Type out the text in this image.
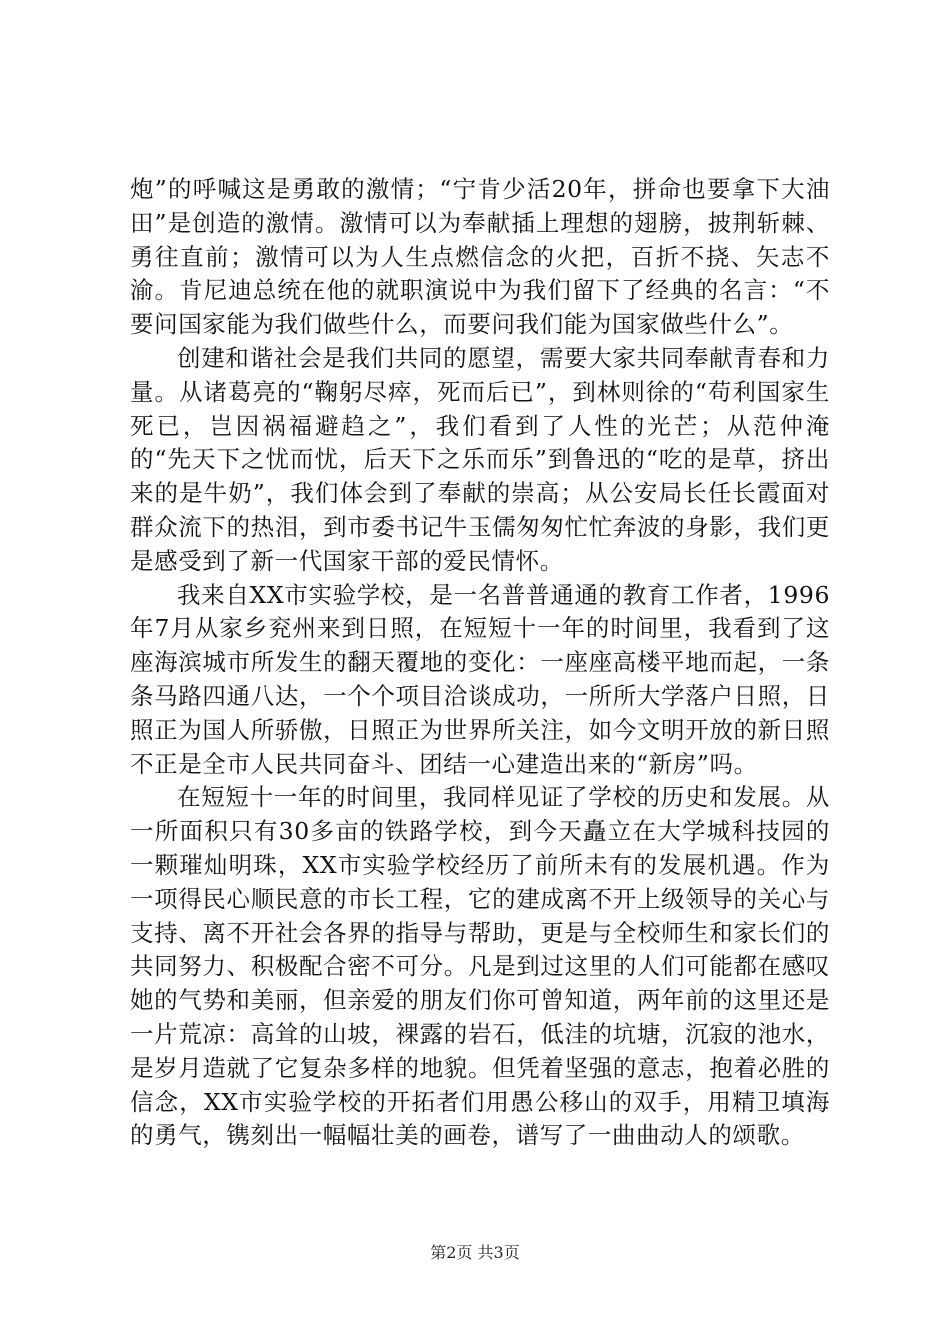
炮”的呼喊这是勇敢的激情；“宁肯少活20年，拼命也要拿下大油田”是创造的激情。激情可以为奉献插上理想的翅膀，披荆斩棘、勇往直前；激情可以为人生点燃信念的火把，百折不挠、矢志不渝。肯尼迪总统在他的就职演说中为我们留下了经典的名言：“不要问国家能为我们做些什么，而要问我们能为国家做些什么”。

创建和谐社会是我们共同的愿望，需要大家共同奉献青春和力量。从诸葛亮的“鞠躬尽瘁，死而后已”，到林则徐的“苟利国家生死已，岂因祸福避趋之”，我们看到了人性的光芒；从范仲淹的“先天下之忧而忧，后天下之乐而乐”到鲁迅的“吃的是草，挤出来的是牛奶”，我们体会到了奉献的崇高；从公安局长任长霞面对群众流下的热泪，到市委书记牛玉儒匆匆忙忙奔波的身影，我们更是感受到了新一代国家干部的爱民情怀。

我来自XX市实验学校，是一名普普通通的教育工作者，1996年7月从家乡兖州来到日照，在短短十一年的时间里，我看到了这座海滨城市所发生的翻天覆地的变化：一座座高楼平地而起，一条条马路四通八达，一个个项目洽谈成功，一所所大学落户日照，日照正为国人所骄傲，日照正为世界所关注，如今文明开放的新日照不正是全市人民共同奋斗、团结一心建造出来的“新房”吗。

在短短十一年的时间里，我同样见证了学校的历史和发展。从一所面积只有30多亩的铁路学校，到今天矗立在大学城科技园的一颗璀灿明珠，XX市实验学校经历了前所未有的发展机遇。作为一项得民心顺民意的市长工程，它的建成离不开上级领导的关心与支持、离不开社会各界的指导与帮助，更是与全校师生和家长们的共同努力、积极配合密不可分。凡是到过这里的人们可能都在感叹她的气势和美丽，但亲爱的朋友们你可曾知道，两年前的这里还是一片荒凉：高耸的山坡，裸露的岩石，低洼的坑塘，沉寂的池水，是岁月造就了它复杂多样的地貌。但凭着坚强的意志，抱着必胜的信念，XX市实验学校的开拓者们用愚公移山的双手，用精卫填海的勇气，镌刻出一幅幅壮美的画卷，谱写了一曲曲动人的颂歌。

第2页 共3页
